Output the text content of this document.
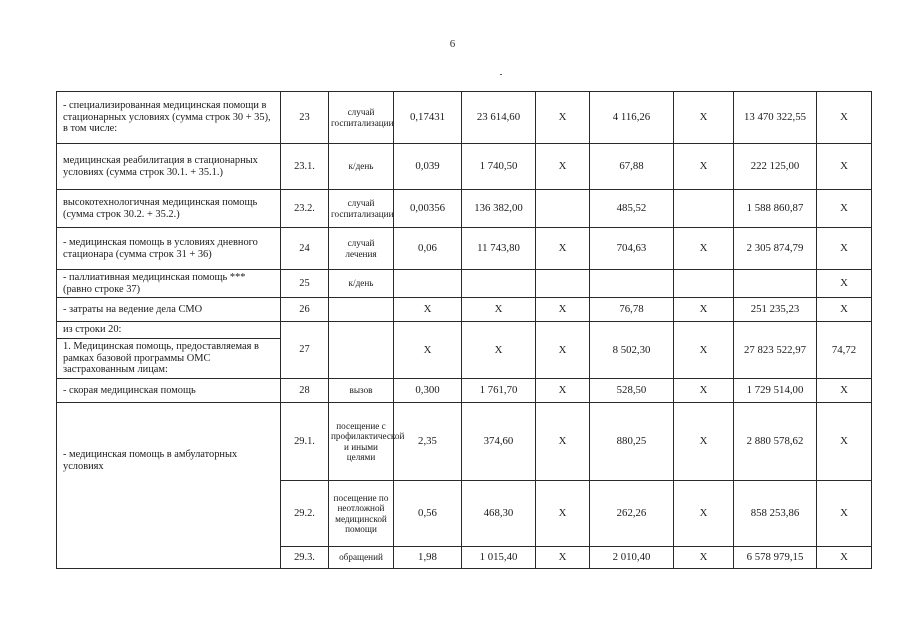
6
- специализированная медицинская помощи в стационарных условиях (сумма строк 30 + 35), в том числе:	23	случай госпитализации	0,17431	23 614,60	X	4 116,26	X	13 470 322,55	X
медицинская реабилитация в стационарных условиях (сумма строк 30.1. + 35.1.)	23.1.	к/день	0,039	1 740,50	X	67,88	X	222 125,00	X
высокотехнологичная медицинская помощь (сумма строк 30.2. + 35.2.)	23.2.	случай госпитализации	0,00356	136 382,00		485,52		1 588 860,87	X
- медицинская помощь в условиях дневного стационара (сумма строк 31 + 36)	24	случай лечения	0,06	11 743,80	X	704,63	X	2 305 874,79	X
- паллиативная медицинская помощь *** (равно строке 37)	25	к/день							X
- затраты на ведение дела СМО	26		X	X	X	76,78	X	251 235,23	X
из строки 20:	27		X	X	X	8 502,30	X	27 823 522,97	74,72
1. Медицинская помощь, предоставляемая в рамках базовой программы ОМС застрахованным лицам:									
- скорая медицинская помощь	28	вызов	0,300	1 761,70	X	528,50	X	1 729 514,00	X
- медицинская помощь в амбулаторных условиях	29.1.	посещение с профилактической и иными целями	2,35	374,60	X	880,25	X	2 880 578,62	X
	29.2.	посещение по неотложной медицинской помощи	0,56	468,30	X	262,26	X	858 253,86	X
	29.3.	обращений	1,98	1 015,40	X	2 010,40	X	6 578 979,15	X
